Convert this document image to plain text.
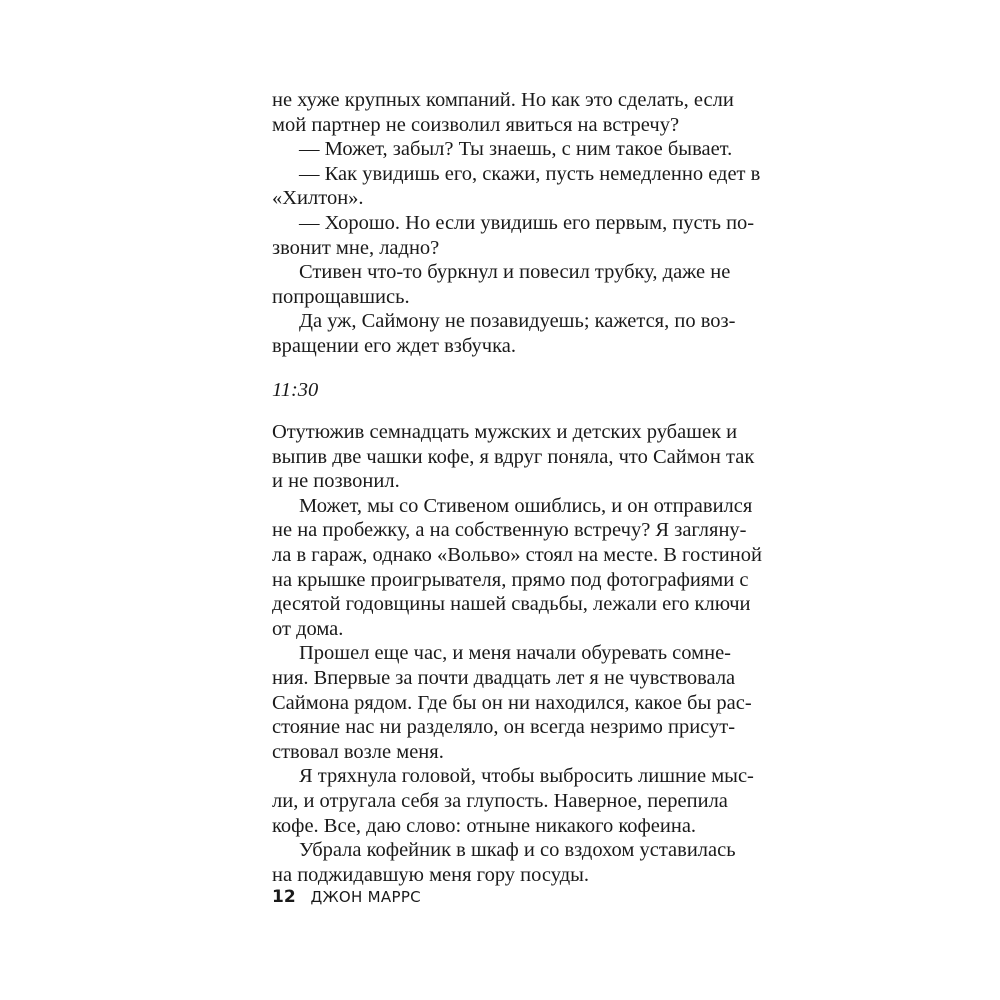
не хуже крупных компаний. Но как это сделать, если
мой партнер не соизволил явиться на встречу?
— Может, забыл? Ты знаешь, с ним такое бывает.
— Как увидишь его, скажи, пусть немедленно едет в
«Хилтон».
— Хорошо. Но если увидишь его первым, пусть по-
звонит мне, ладно?
Стивен что-то буркнул и повесил трубку, даже не
попрощавшись.
Да уж, Саймону не позавидуешь; кажется, по воз-
вращении его ждет взбучка.
11:30
Отутюжив семнадцать мужских и детских рубашек и
выпив две чашки кофе, я вдруг поняла, что Саймон так
и не позвонил.
Может, мы со Стивеном ошиблись, и он отправился
не на пробежку, а на собственную встречу? Я загляну-
ла в гараж, однако «Вольво» стоял на месте. В гостиной
на крышке проигрывателя, прямо под фотографиями с
десятой годовщины нашей свадьбы, лежали его ключи
от дома.
Прошел еще час, и меня начали обуревать сомне-
ния. Впервые за почти двадцать лет я не чувствовала
Саймона рядом. Где бы он ни находился, какое бы рас-
стояние нас ни разделяло, он всегда незримо присут-
ствовал возле меня.
Я тряхнула головой, чтобы выбросить лишние мыс-
ли, и отругала себя за глупость. Наверное, перепила
кофе. Все, даю слово: отныне никакого кофеина.
Убрала кофейник в шкаф и со вздохом уставилась
на поджидавшую меня гору посуды.
12 ДЖОН МАРРС
